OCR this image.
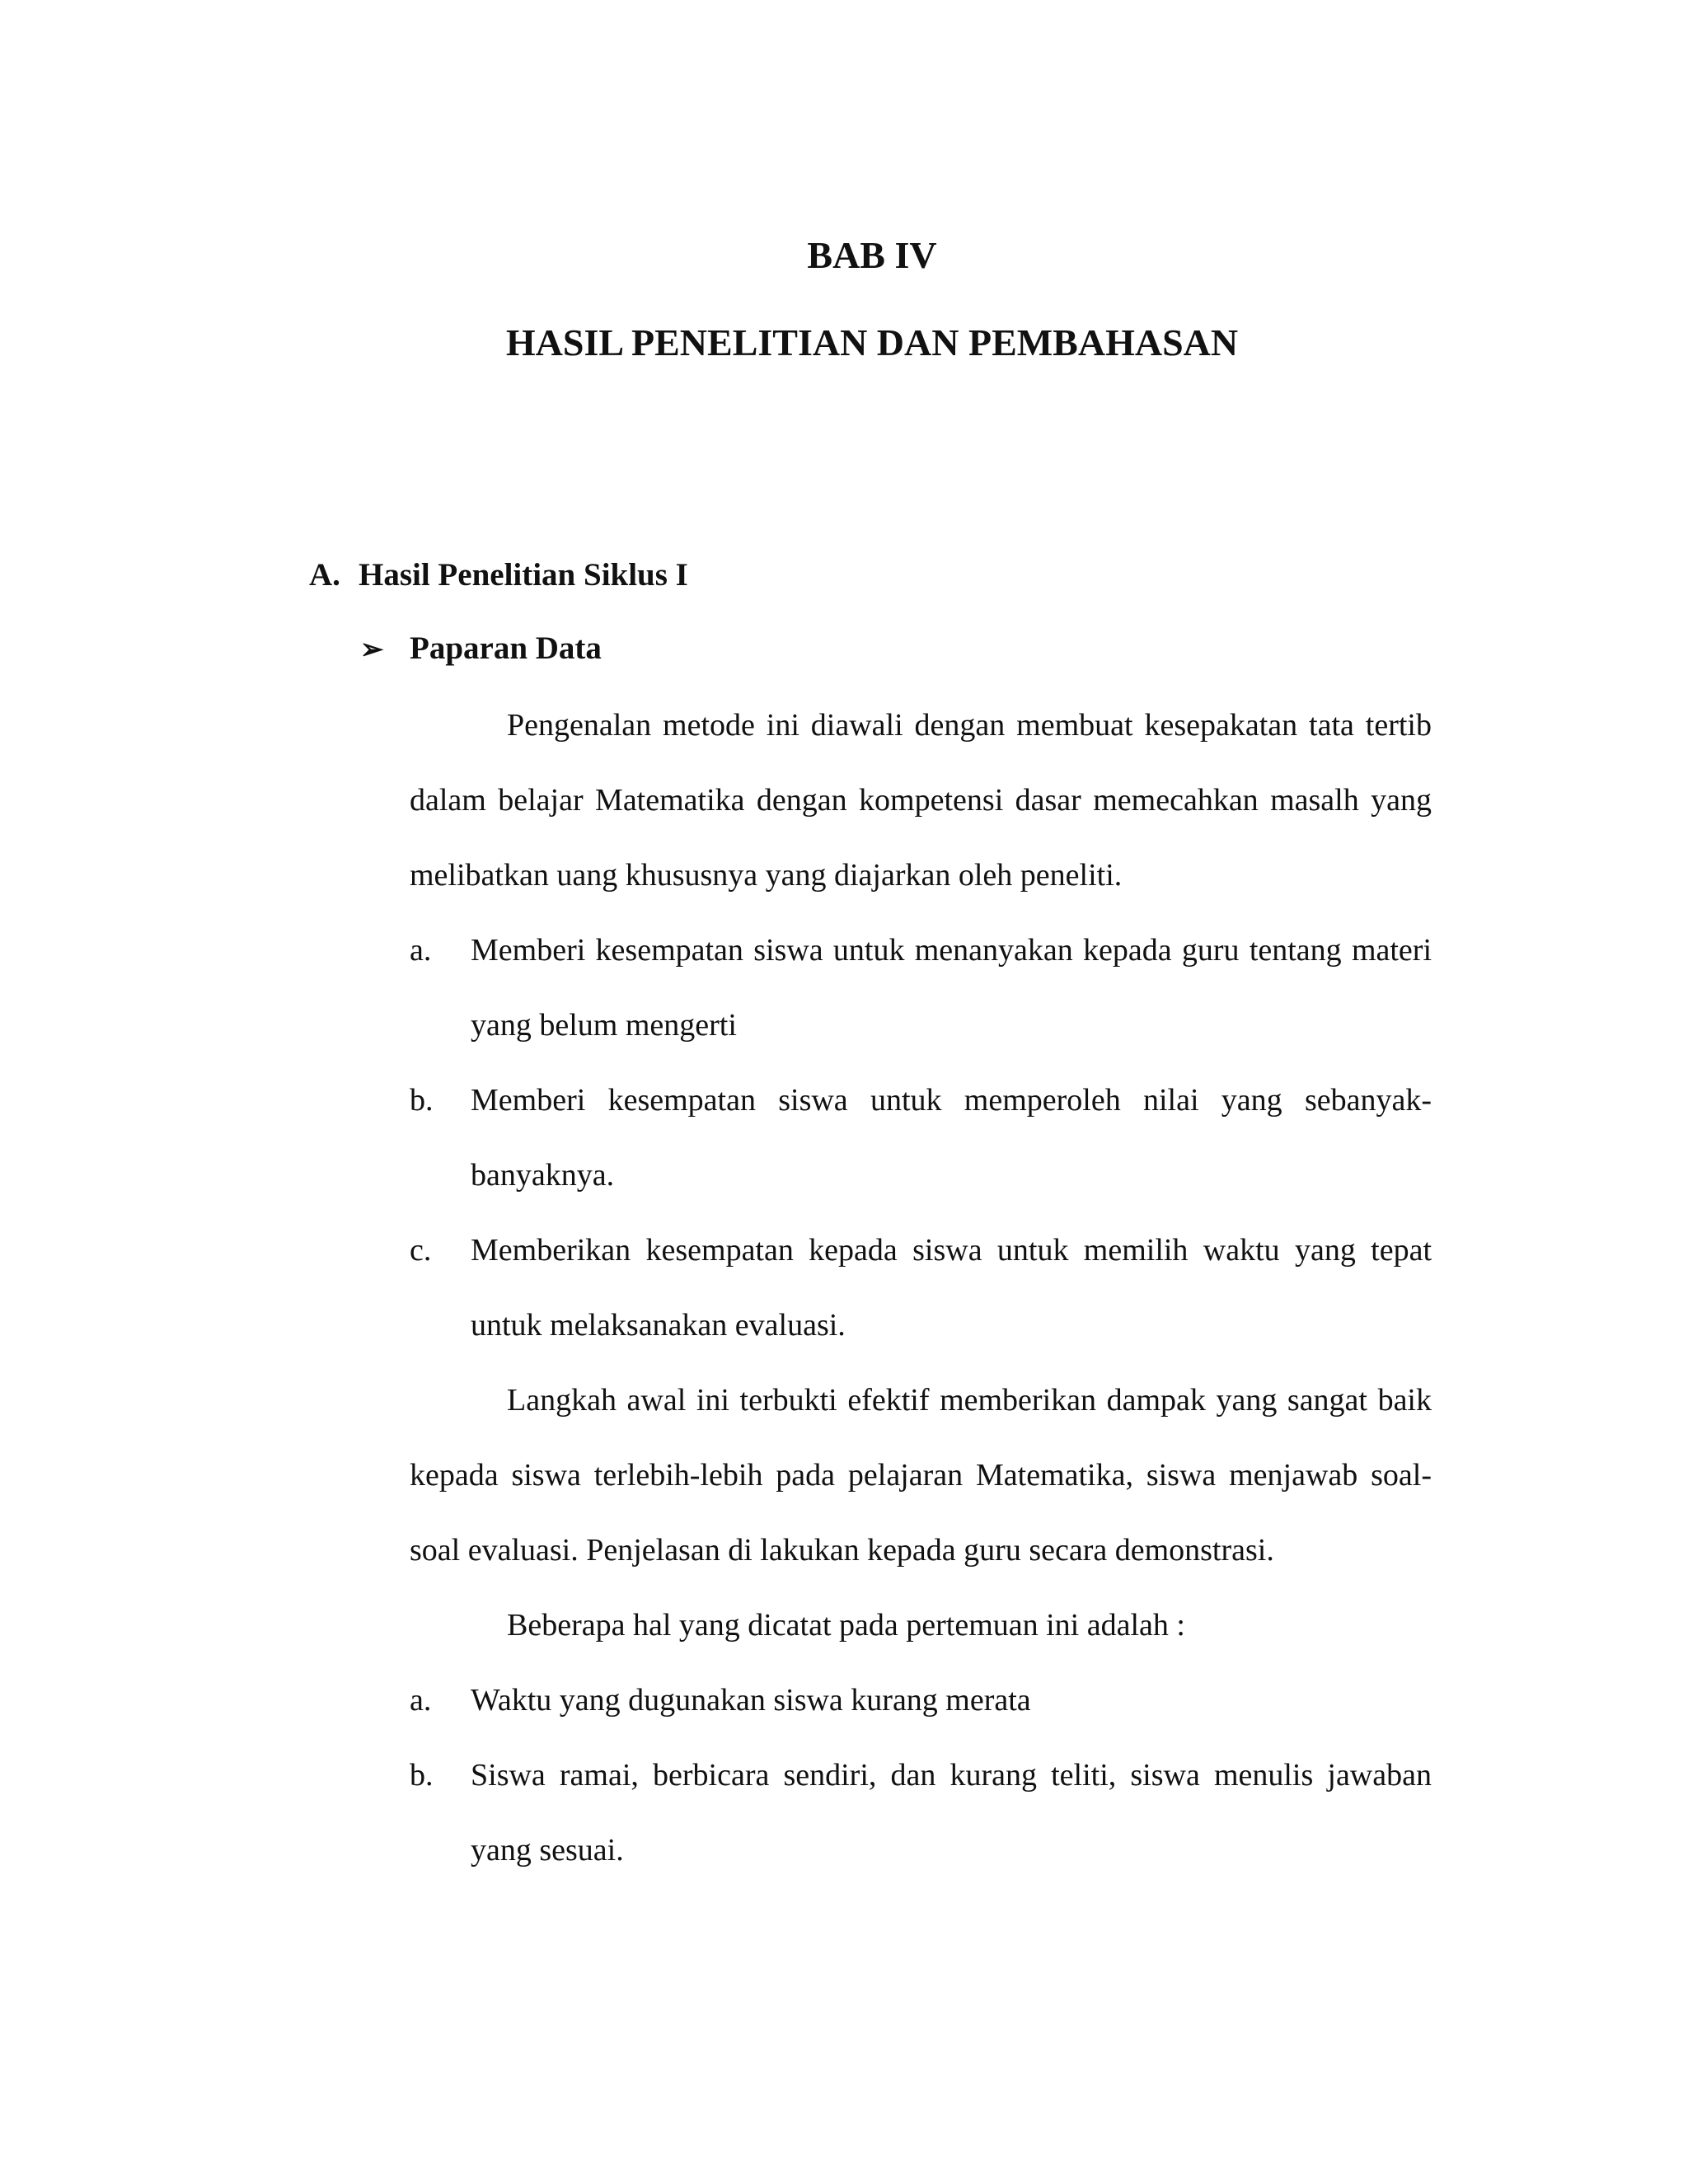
BAB IV
HASIL PENELITIAN DAN PEMBAHASAN
A. Hasil Penelitian Siklus I
➢ Paparan Data

Pengenalan metode ini diawali dengan membuat kesepakatan tata tertib dalam belajar Matematika dengan kompetensi dasar memecahkan masalh yang melibatkan uang khususnya yang diajarkan oleh peneliti.

a.	Memberi kesempatan siswa untuk menanyakan kepada guru tentang materi yang belum mengerti
b.	Memberi kesempatan siswa untuk memperoleh nilai yang sebanyak-banyaknya.
c.	Memberikan kesempatan kepada siswa untuk memilih waktu yang tepat untuk melaksanakan evaluasi.

Langkah awal ini terbukti efektif memberikan dampak yang sangat baik kepada siswa terlebih-lebih pada pelajaran Matematika, siswa menjawab soal-soal evaluasi. Penjelasan di lakukan kepada guru secara demonstrasi.

Beberapa hal yang dicatat pada pertemuan ini adalah :

a.	Waktu yang dugunakan siswa kurang merata
b.	Siswa ramai, berbicara sendiri, dan kurang teliti, siswa menulis jawaban yang sesuai.
